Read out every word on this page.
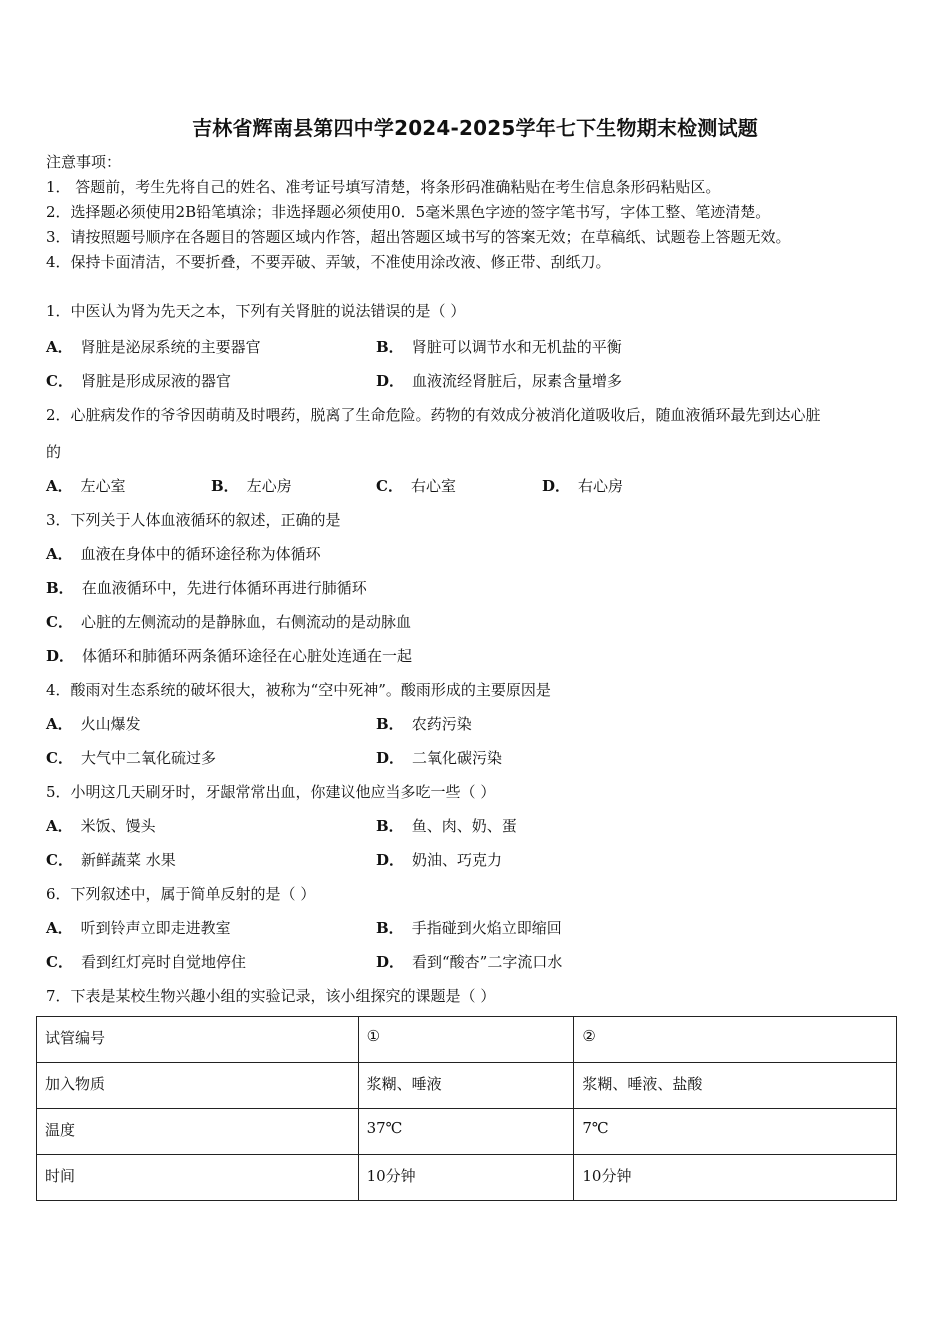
吉林省辉南县第四中学2024-2025学年七下生物期末检测试题
注意事项：
1． 答题前，考生先将自己的姓名、准考证号填写清楚，将条形码准确粘贴在考生信息条形码粘贴区。
2．选择题必须使用2B铅笔填涂；非选择题必须使用0．5毫米黑色字迹的签字笔书写，字体工整、笔迹清楚。
3．请按照题号顺序在各题目的答题区域内作答，超出答题区域书写的答案无效；在草稿纸、试题卷上答题无效。
4．保持卡面清洁，不要折叠，不要弄破、弄皱，不准使用涂改液、修正带、刮纸刀。
1．中医认为肾为先天之本，下列有关肾脏的说法错误的是（ ）
A． 肾脏是泌尿系统的主要器官	B． 肾脏可以调节水和无机盐的平衡
C． 肾脏是形成尿液的器官	D． 血液流经肾脏后，尿素含量增多
2．心脏病发作的爷爷因萌萌及时喂药，脱离了生命危险。药物的有效成分被消化道吸收后，随血液循环最先到达心脏
的
A． 左心室	B． 左心房	C． 右心室	D． 右心房
3．下列关于人体血液循环的叙述，正确的是
A． 血液在身体中的循环途径称为体循环
B． 在血液循环中，先进行体循环再进行肺循环
C． 心脏的左侧流动的是静脉血，右侧流动的是动脉血
D． 体循环和肺循环两条循环途径在心脏处连通在一起
4．酸雨对生态系统的破坏很大，被称为“空中死神”。酸雨形成的主要原因是
A． 火山爆发	B． 农药污染
C． 大气中二氧化硫过多	D． 二氧化碳污染
5．小明这几天刷牙时，牙龈常常出血，你建议他应当多吃一些（ ）
A． 米饭、馒头	B． 鱼、肉、奶、蛋
C． 新鲜蔬菜 水果	D． 奶油、巧克力
6．下列叙述中，属于简单反射的是（ ）
A． 听到铃声立即走进教室	B． 手指碰到火焰立即缩回
C． 看到红灯亮时自觉地停住	D． 看到“酸杏”二字流口水
7．下表是某校生物兴趣小组的实验记录，该小组探究的课题是（ ）
试管编号	①	②
加入物质	浆糊、唾液	浆糊、唾液、盐酸
温度	37℃	7℃
时间	10分钟	10分钟
